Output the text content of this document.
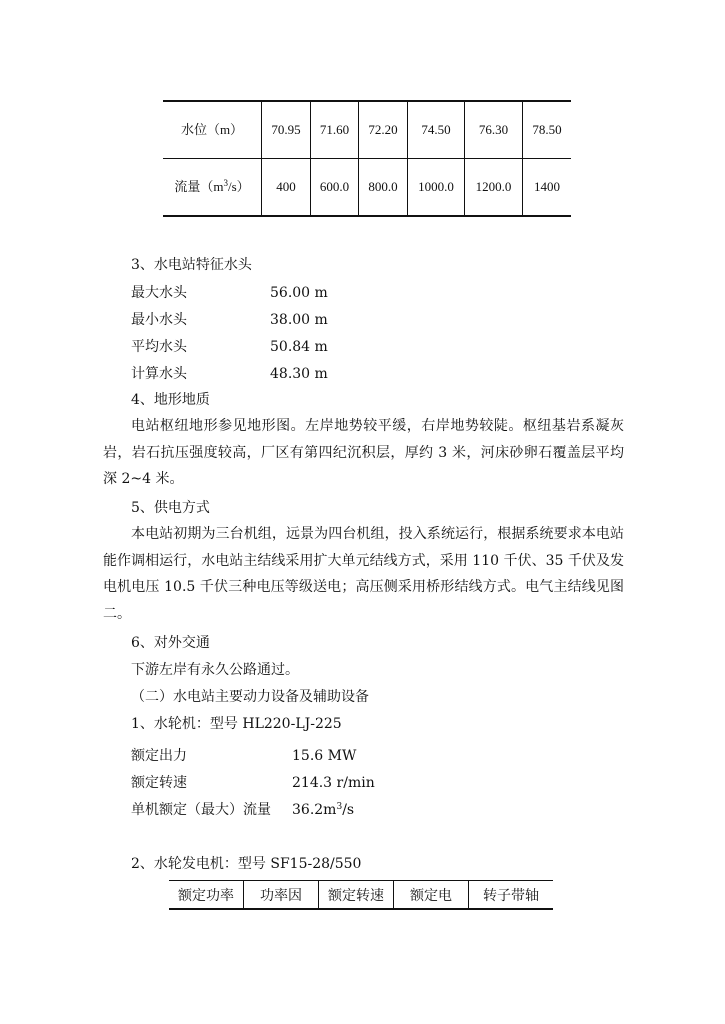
水位（m）	70.95	71.60	72.20	74.50	76.30	78.50
流量$(m^3/s)$	400	600.0	800.0	1000.0	1200.0	1400
3、水电站特征水头
最大水头	56.00 m
最小水头	38.00 m
平均水头	50.84 m
计算水头	48.30 m
4、地形地质
电站枢纽地形参见地形图。左岸地势较平缓，右岸地势较陡。枢纽基岩系凝灰岩，岩石抗压强度较高，厂区有第四纪沉积层，厚约 3 米，河床砂卵石覆盖层平均深 2~4 米。
5、供电方式
本电站初期为三台机组，远景为四台机组，投入系统运行，根据系统要求本电站能作调相运行，水电站主结线采用扩大单元结线方式，采用 110 千伏、35 千伏及发电机电压 10.5 千伏三种电压等级送电；高压侧采用桥形结线方式。电气主结线见图二。
6、对外交通
下游左岸有永久公路通过。
（二）水电站主要动力设备及辅助设备
1、水轮机：型号 HL220-LJ-225
额定出力	15.6 MW
额定转速	214.3 r/min
单机额定（最大）流量 $36.2m^3/s$
2、水轮发电机：型号 SF15-28/550
额定功率	功率因	额定转速	额定电	转子带轴
